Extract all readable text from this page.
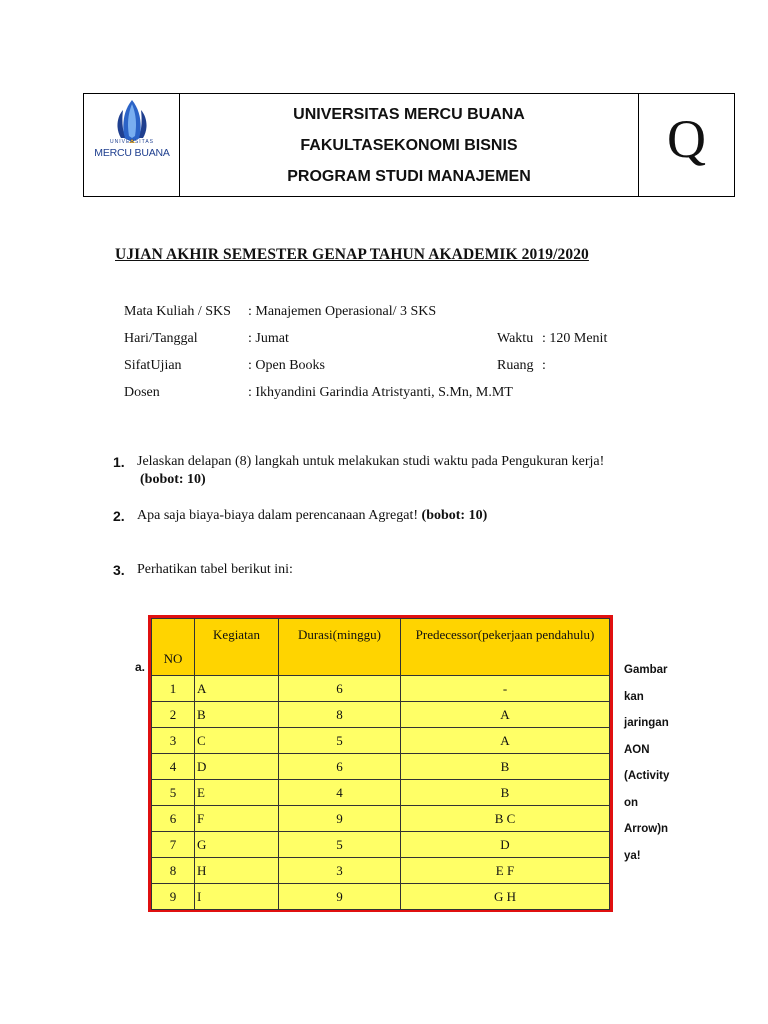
UNIVERSITAS
MERCU BUANA
UNIVERSITAS MERCU BUANA
FAKULTASEKONOMI BISNIS
PROGRAM STUDI MANAJEMEN
Q
UJIAN AKHIR SEMESTER GENAP TAHUN AKADEMIK 2019/2020
Mata Kuliah / SKS : Manajemen Operasional/ 3 SKS
Hari/Tanggal	: Jumat	Waktu : 120 Menit
SifatUjian	: Open Books	Ruang :
Dosen	: Ikhyandini Garindia Atristyanti, S.Mn, M.MT
1. Jelaskan delapan (8) langkah untuk melakukan studi waktu pada Pengukuran kerja!
(bobot: 10)
2. Apa saja biaya-biaya dalam perencanaan Agregat! (bobot: 10)
3. Perhatikan tabel berikut ini:
a.
NO	Kegiatan	Durasi(minggu)	Predecessor(pekerjaan pendahulu)
1	A	6	-
2	B	8	A
3	C	5	A
4	D	6	B
5	E	4	B
6	F	9	B C
7	G	5	D
8	H	3	E F
9	I	9	G H
Gambar
kan
jaringan
AON
(Activity
on
Arrow)n
ya!
